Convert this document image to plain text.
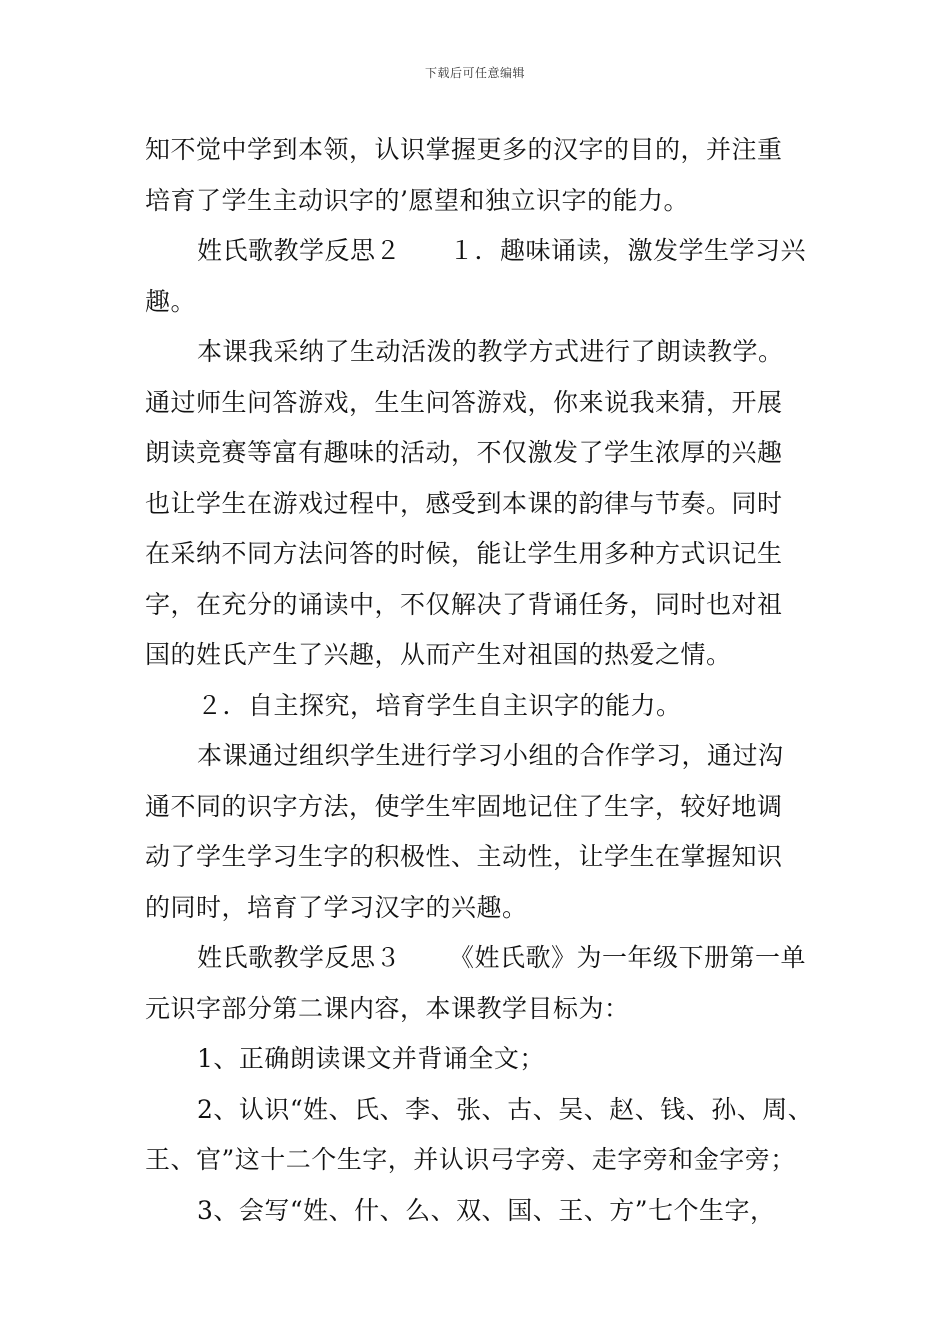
下载后可任意编辑
知不觉中学到本领，认识掌握更多的汉字的目的，并注重
培育了学生主动识字的’愿望和独立识字的能力。
姓氏歌教学反思２ １．趣味诵读，激发学生学习兴
趣。
本课我采纳了生动活泼的教学方式进行了朗读教学。
通过师生问答游戏，生生问答游戏，你来说我来猜，开展
朗读竞赛等富有趣味的活动，不仅激发了学生浓厚的兴趣
也让学生在游戏过程中，感受到本课的韵律与节奏。同时
在采纳不同方法问答的时候，能让学生用多种方式识记生
字，在充分的诵读中，不仅解决了背诵任务，同时也对祖
国的姓氏产生了兴趣，从而产生对祖国的热爱之情。
２．自主探究，培育学生自主识字的能力。
本课通过组织学生进行学习小组的合作学习，通过沟
通不同的识字方法，使学生牢固地记住了生字，较好地调
动了学生学习生字的积极性、主动性，让学生在掌握知识
的同时，培育了学习汉字的兴趣。
姓氏歌教学反思３ 《姓氏歌》为一年级下册第一单
元识字部分第二课内容，本课教学目标为：
1、正确朗读课文并背诵全文；
2、认识“姓、氏、李、张、古、吴、赵、钱、孙、周、
王、官”这十二个生字，并认识弓字旁、走字旁和金字旁；
3、会写“姓、什、么、双、国、王、方”七个生字，
